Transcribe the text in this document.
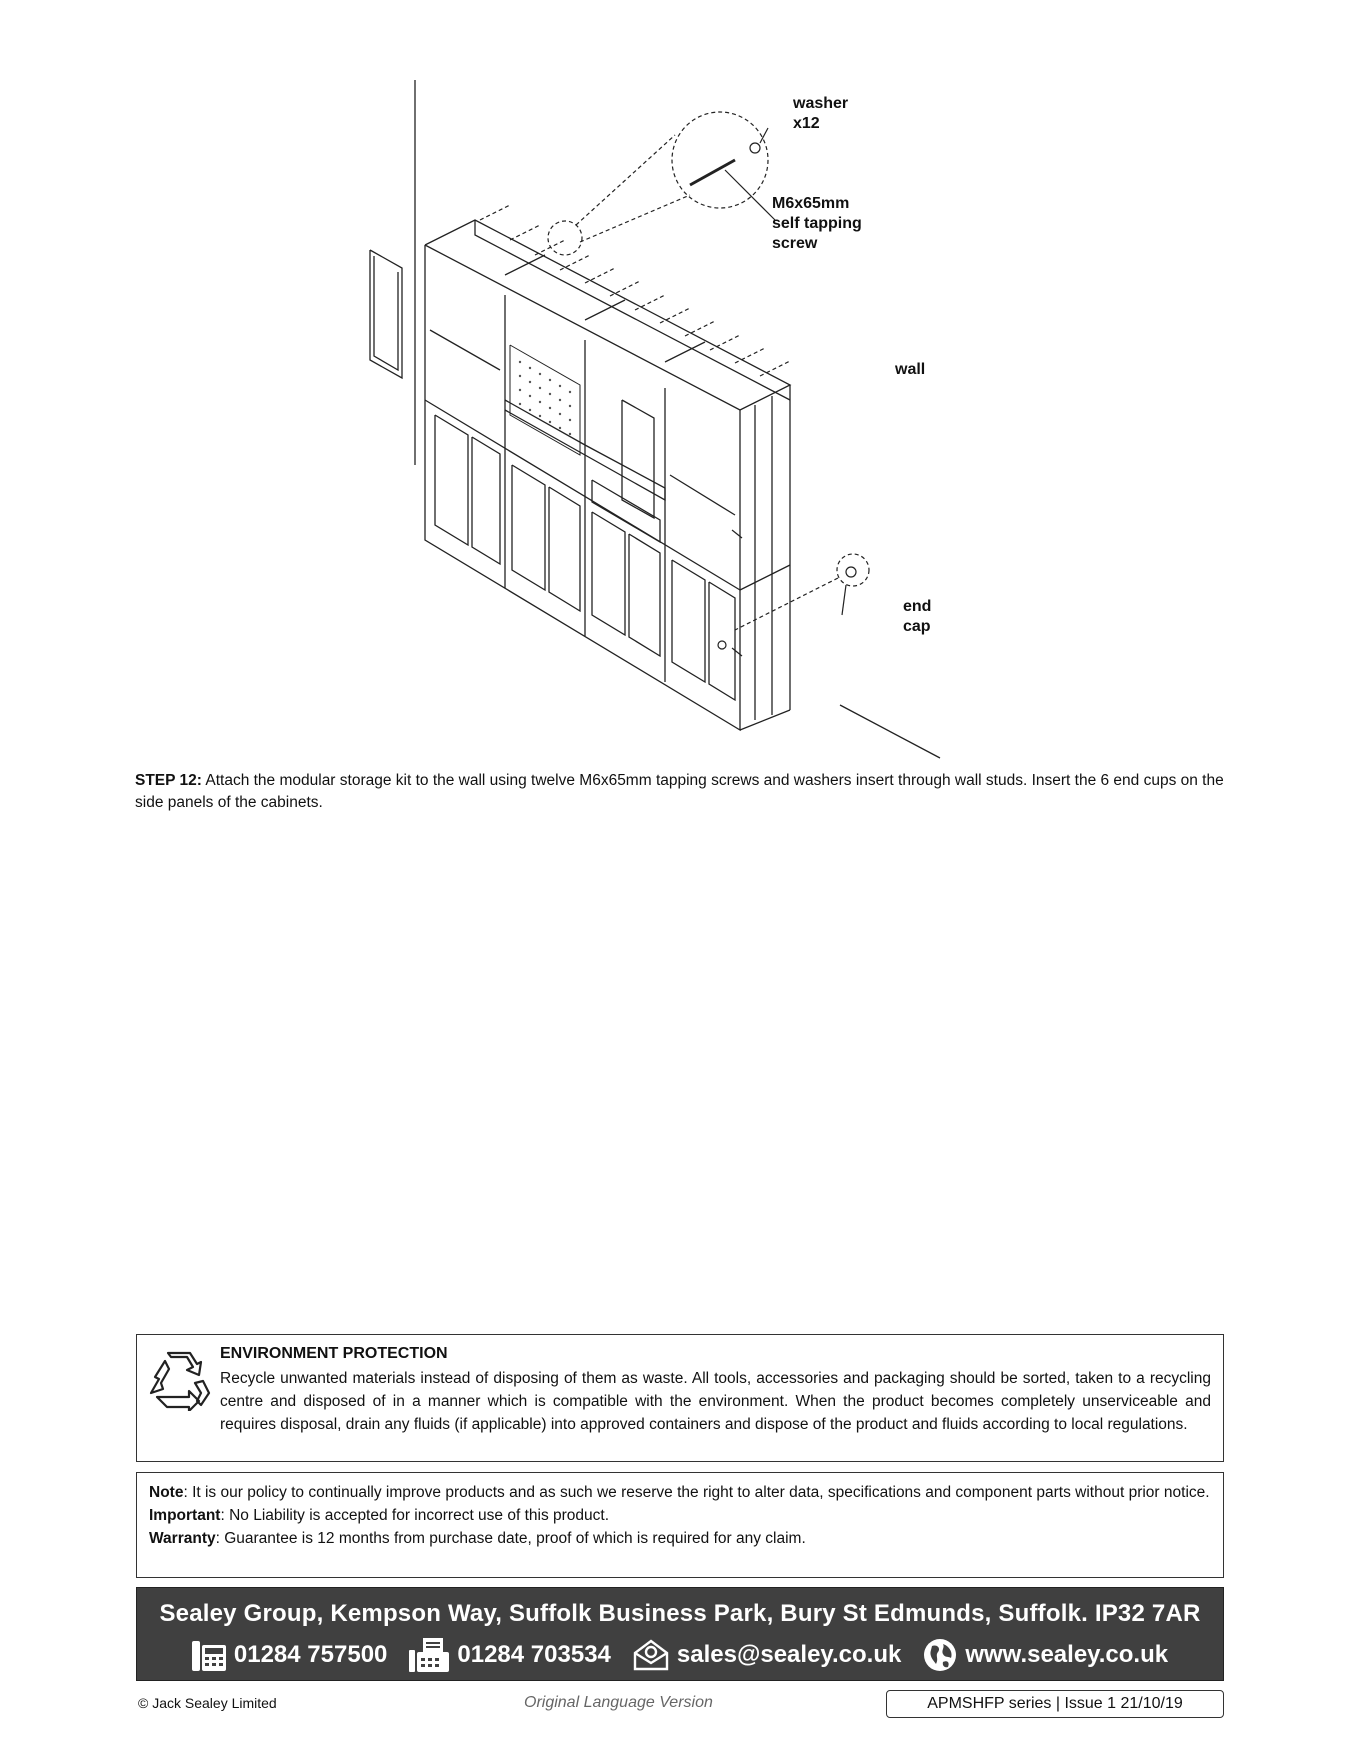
washer
x12
M6x65mm
self tapping
screw
wall
end
cap
STEP 12: Attach the modular storage kit to the wall using twelve M6x65mm tapping screws and washers insert through wall studs. Insert the 6 end cups on the side panels of the cabinets.
ENVIRONMENT PROTECTION
Recycle unwanted materials instead of disposing of them as waste. All tools, accessories and packaging should be sorted, taken to a recycling centre and disposed of in a manner which is compatible with the environment. When the product becomes completely unserviceable and requires disposal, drain any fluids (if applicable) into approved containers and dispose of the product and fluids according to local regulations.

Note: It is our policy to continually improve products and as such we reserve the right to alter data, specifications and component parts without prior notice.

Important: No Liability is accepted for incorrect use of this product.

Warranty: Guarantee is 12 months from purchase date, proof of which is required for any claim.

Sealey Group, Kempson Way, Suffolk Business Park, Bury St Edmunds, Suffolk. IP32 7AR
01284 757500	01284 703534	sales@sealey.co.uk	www.sealey.co.uk
© Jack Sealey Limited	Original Language Version	APMSHFP series | Issue 1 21/10/19
